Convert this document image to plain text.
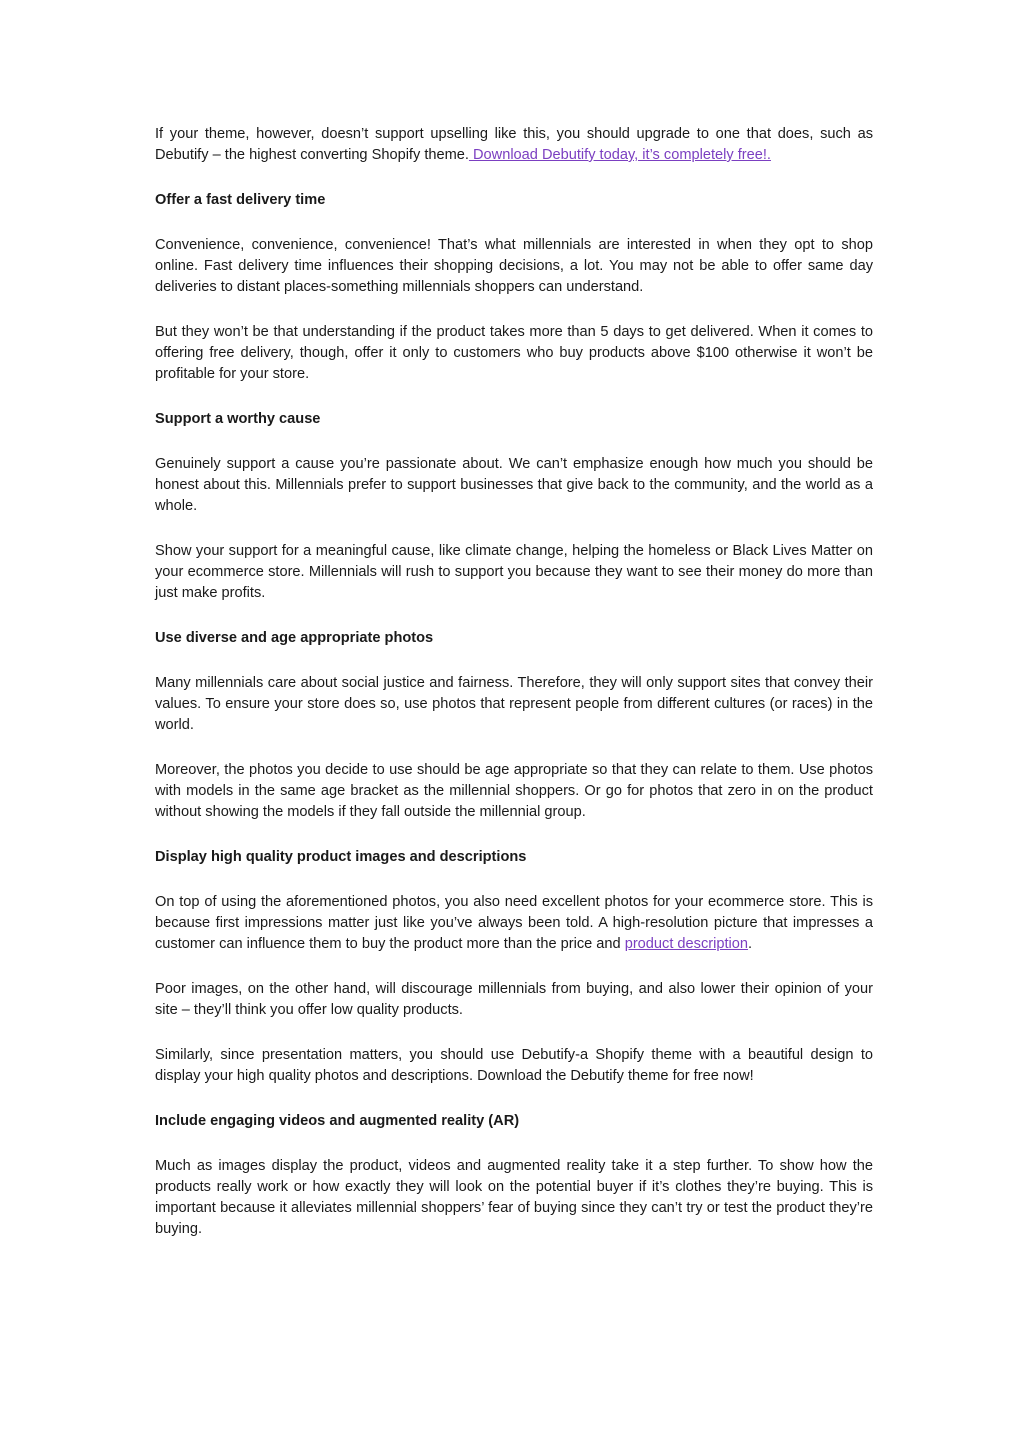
If your theme, however, doesn’t support upselling like this, you should upgrade to one that does, such as Debutify – the highest converting Shopify theme. Download Debutify today, it’s completely free!.

Offer a fast delivery time

Convenience, convenience, convenience! That’s what millennials are interested in when they opt to shop online. Fast delivery time influences their shopping decisions, a lot. You may not be able to offer same day deliveries to distant places-something millennials shoppers can understand.

But they won’t be that understanding if the product takes more than 5 days to get delivered. When it comes to offering free delivery, though, offer it only to customers who buy products above $100 otherwise it won’t be profitable for your store.

Support a worthy cause

Genuinely support a cause you’re passionate about. We can’t emphasize enough how much you should be honest about this. Millennials prefer to support businesses that give back to the community, and the world as a whole.

Show your support for a meaningful cause, like climate change, helping the homeless or Black Lives Matter on your ecommerce store. Millennials will rush to support you because they want to see their money do more than just make profits.

Use diverse and age appropriate photos

Many millennials care about social justice and fairness. Therefore, they will only support sites that convey their values. To ensure your store does so, use photos that represent people from different cultures (or races) in the world.

Moreover, the photos you decide to use should be age appropriate so that they can relate to them. Use photos with models in the same age bracket as the millennial shoppers. Or go for photos that zero in on the product without showing the models if they fall outside the millennial group.

Display high quality product images and descriptions

On top of using the aforementioned photos, you also need excellent photos for your ecommerce store. This is because first impressions matter just like you’ve always been told. A high-resolution picture that impresses a customer can influence them to buy the product more than the price and product description.

Poor images, on the other hand, will discourage millennials from buying, and also lower their opinion of your site – they’ll think you offer low quality products.

Similarly, since presentation matters, you should use Debutify-a Shopify theme with a beautiful design to display your high quality photos and descriptions. Download the Debutify theme for free now!

Include engaging videos and augmented reality (AR)

Much as images display the product, videos and augmented reality take it a step further. To show how the products really work or how exactly they will look on the potential buyer if it’s clothes they’re buying. This is important because it alleviates millennial shoppers’ fear of buying since they can’t try or test the product they’re buying.
